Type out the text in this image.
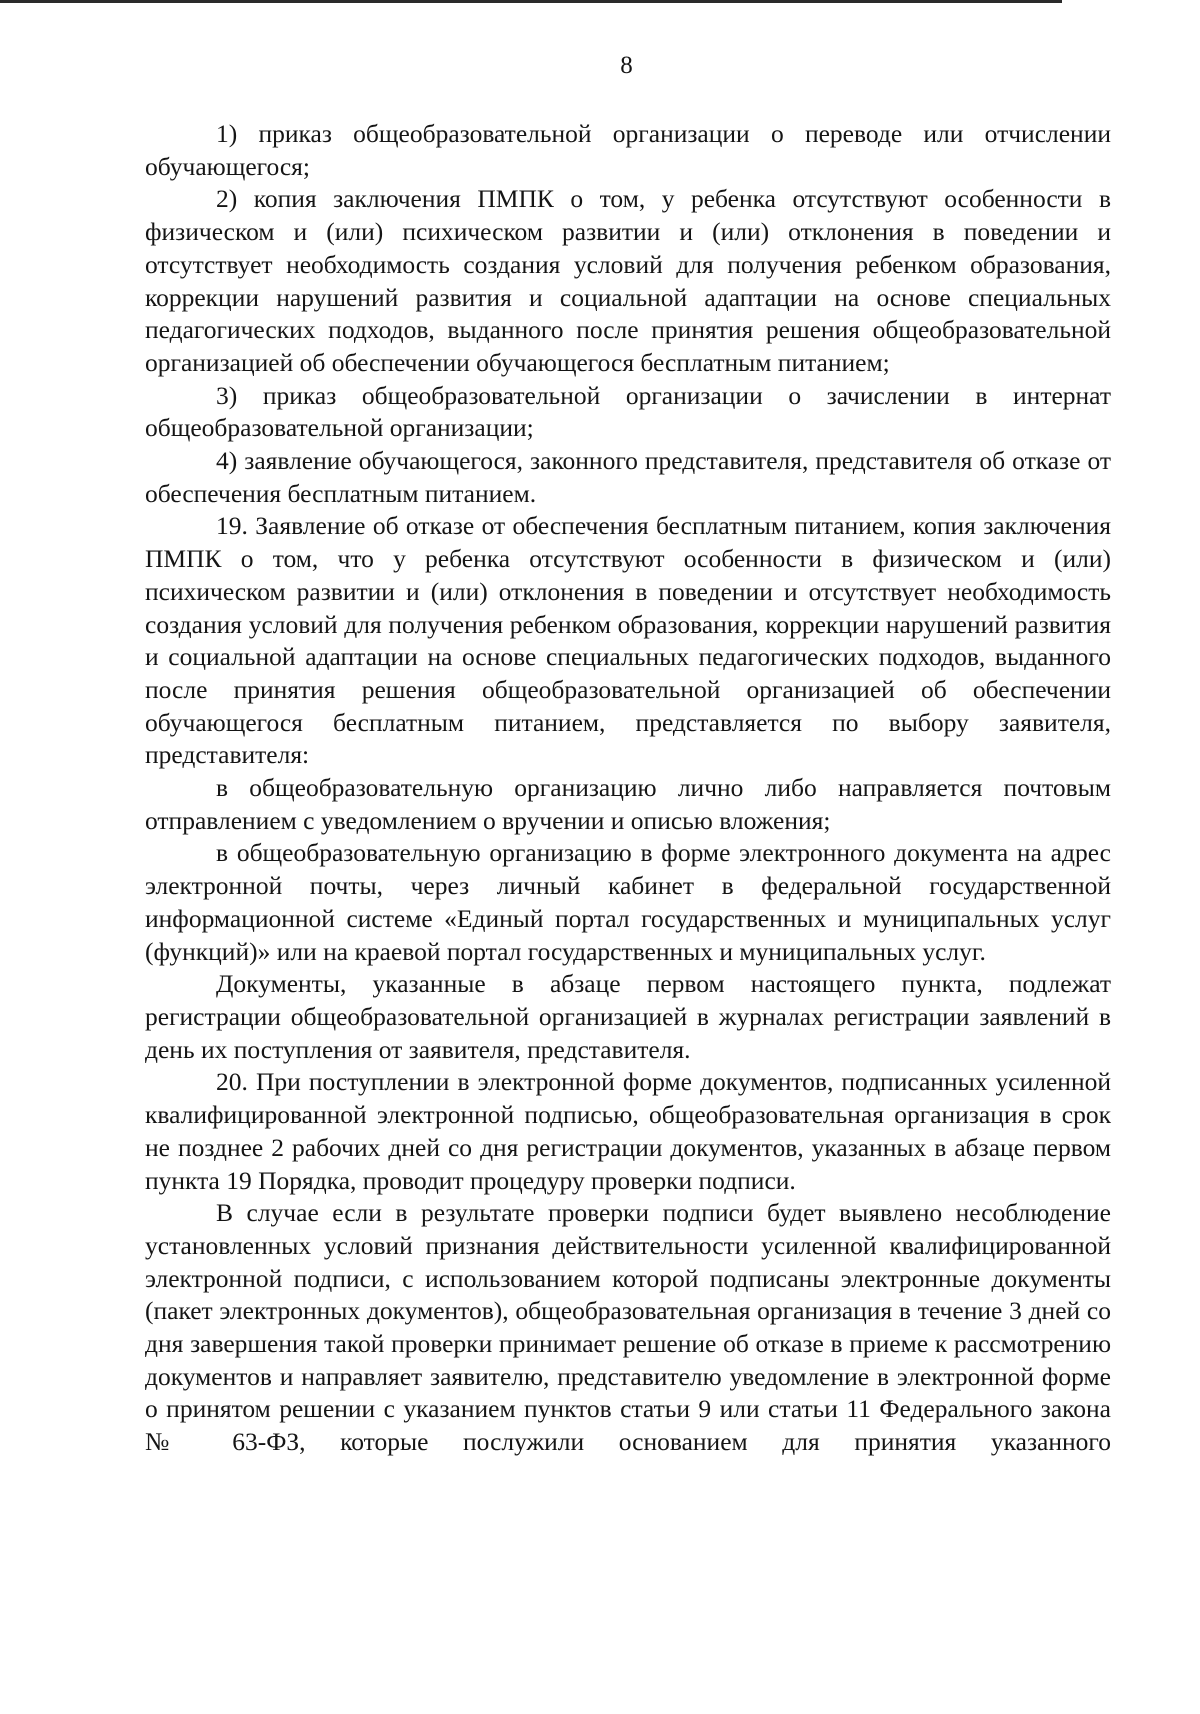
8

1) приказ общеобразовательной организации о переводе или отчислении обучающегося;

2) копия заключения ПМПК о том, у ребенка отсутствуют особенности в физическом и (или) психическом развитии и (или) отклонения в поведении и отсутствует необходимость создания условий для получения ребенком образования, коррекции нарушений развития и социальной адаптации на основе специальных педагогических подходов, выданного после принятия решения общеобразовательной организацией об обеспечении обучающегося бесплатным питанием;

3) приказ общеобразовательной организации о зачислении в интернат общеобразовательной организации;

4) заявление обучающегося, законного представителя, представителя об отказе от обеспечения бесплатным питанием.

19. Заявление об отказе от обеспечения бесплатным питанием, копия заключения ПМПК о том, что у ребенка отсутствуют особенности в физическом и (или) психическом развитии и (или) отклонения в поведении и отсутствует необходимость создания условий для получения ребенком образования, коррекции нарушений развития и социальной адаптации на основе специальных педагогических подходов, выданного после принятия решения общеобразовательной организацией об обеспечении обучающегося бесплатным питанием, представляется по выбору заявителя, представителя:

в общеобразовательную организацию лично либо направляется почтовым отправлением с уведомлением о вручении и описью вложения;

в общеобразовательную организацию в форме электронного документа на адрес электронной почты, через личный кабинет в федеральной государственной информационной системе «Единый портал государственных и муниципальных услуг (функций)» или на краевой портал государственных и муниципальных услуг.

Документы, указанные в абзаце первом настоящего пункта, подлежат регистрации общеобразовательной организацией в журналах регистрации заявлений в день их поступления от заявителя, представителя.

20. При поступлении в электронной форме документов, подписанных усиленной квалифицированной электронной подписью, общеобразовательная организация в срок не позднее 2 рабочих дней со дня регистрации документов, указанных в абзаце первом пункта 19 Порядка, проводит процедуру проверки подписи.

В случае если в результате проверки подписи будет выявлено несоблюдение установленных условий признания действительности усиленной квалифицированной электронной подписи, с использованием которой подписаны электронные документы (пакет электронных документов), общеобразовательная организация в течение 3 дней со дня завершения такой проверки принимает решение об отказе в приеме к рассмотрению документов и направляет заявителю, представителю уведомление в электронной форме о принятом решении с указанием пунктов статьи 9 или статьи 11 Федерального закона № 63-ФЗ, которые послужили основанием для принятия указанного
